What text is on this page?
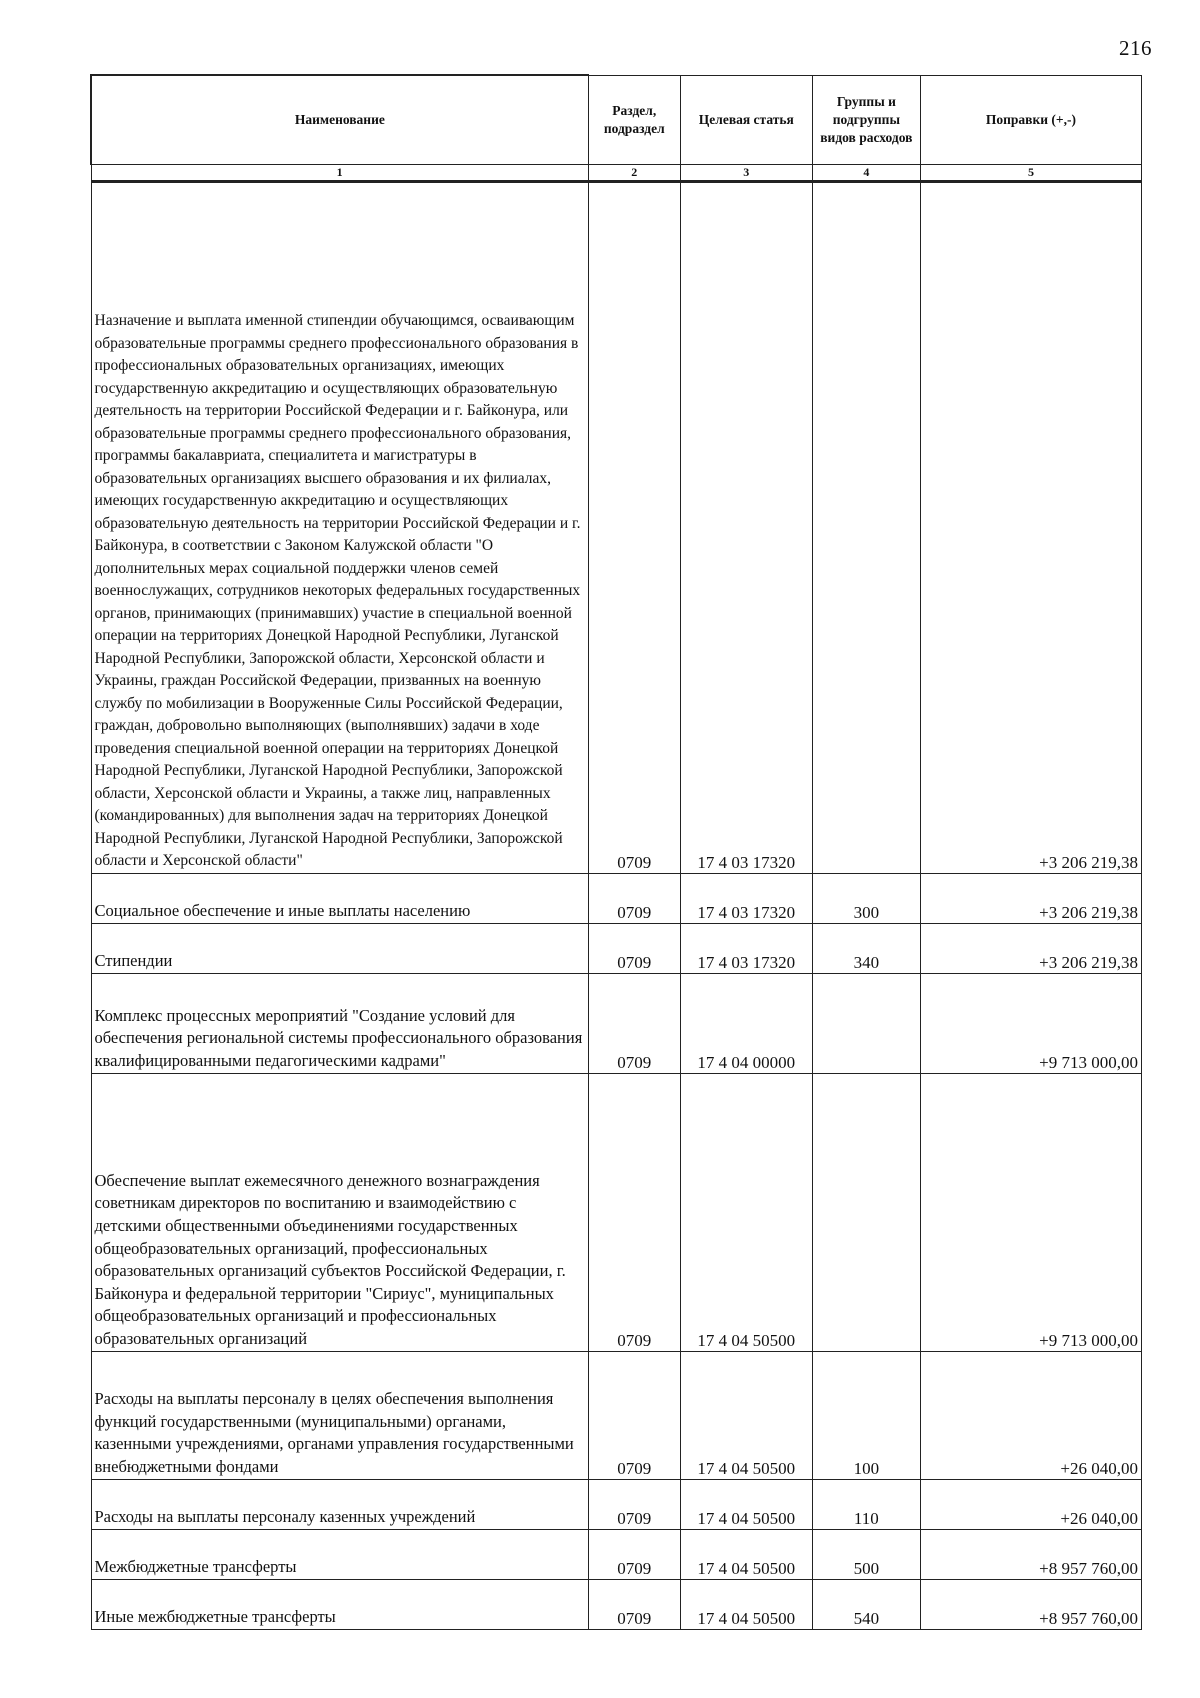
216
Наименование	Раздел, подраздел	Целевая статья	Группы и подгруппы видов расходов	Поправки (+,-)
1	2	3	4	5
Назначение и выплата именной стипендии обучающимся, осваивающим образовательные программы среднего профессионального образования в профессиональных образовательных организациях, имеющих государственную аккредитацию и осуществляющих образовательную деятельность на территории Российской Федерации и г. Байконура, или образовательные программы среднего профессионального образования, программы бакалавриата, специалитета и магистратуры в образовательных организациях высшего образования и их филиалах, имеющих государственную аккредитацию и осуществляющих образовательную деятельность на территории Российской Федерации и г. Байконура, в соответствии с Законом Калужской области "О дополнительных мерах социальной поддержки членов семей военнослужащих, сотрудников некоторых федеральных государственных органов, принимающих (принимавших) участие в специальной военной операции на территориях Донецкой Народной Республики, Луганской Народной Республики, Запорожской области, Херсонской области и Украины, граждан Российской Федерации, призванных на военную службу по мобилизации в Вооруженные Силы Российской Федерации, граждан, добровольно выполняющих (выполнявших) задачи в ходе проведения специальной военной операции на территориях Донецкой Народной Республики, Луганской Народной Республики, Запорожской области, Херсонской области и Украины, а также лиц, направленных (командированных) для выполнения задач на территориях Донецкой Народной Республики, Луганской Народной Республики, Запорожской области и Херсонской области"	0709	17 4 03 17320		+3 206 219,38
Социальное обеспечение и иные выплаты населению	0709	17 4 03 17320	300	+3 206 219,38
Стипендии	0709	17 4 03 17320	340	+3 206 219,38
Комплекс процессных мероприятий "Создание условий для обеспечения региональной системы профессионального образования квалифицированными педагогическими кадрами"	0709	17 4 04 00000		+9 713 000,00
Обеспечение выплат ежемесячного денежного вознаграждения советникам директоров по воспитанию и взаимодействию с детскими общественными объединениями государственных общеобразовательных организаций, профессиональных образовательных организаций субъектов Российской Федерации, г. Байконура и федеральной территории "Сириус", муниципальных общеобразовательных организаций и профессиональных образовательных организаций	0709	17 4 04 50500		+9 713 000,00
Расходы на выплаты персоналу в целях обеспечения выполнения функций государственными (муниципальными) органами, казенными учреждениями, органами управления государственными внебюджетными фондами	0709	17 4 04 50500	100	+26 040,00
Расходы на выплаты персоналу казенных учреждений	0709	17 4 04 50500	110	+26 040,00
Межбюджетные трансферты	0709	17 4 04 50500	500	+8 957 760,00
Иные межбюджетные трансферты	0709	17 4 04 50500	540	+8 957 760,00
